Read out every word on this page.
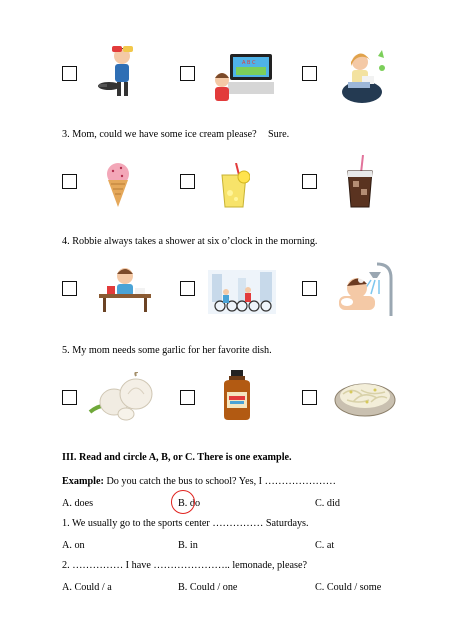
A B C
3. Mom, could we have some ice cream please? Sure.
4. Robbie always takes a shower at six o’clock in the morning.
5. My mom needs some garlic for her favorite dish.
III. Read and circle A, B, or C. There is one example.
Example: Do you catch the bus to school? Yes, I …………………
A. does	B. do	C. did
1. We usually go to the sports center …………… Saturdays.
A. on	B. in	C. at
2. …………… I have ………………….. lemonade, please?
A. Could / a	B. Could / one	C. Could / some
